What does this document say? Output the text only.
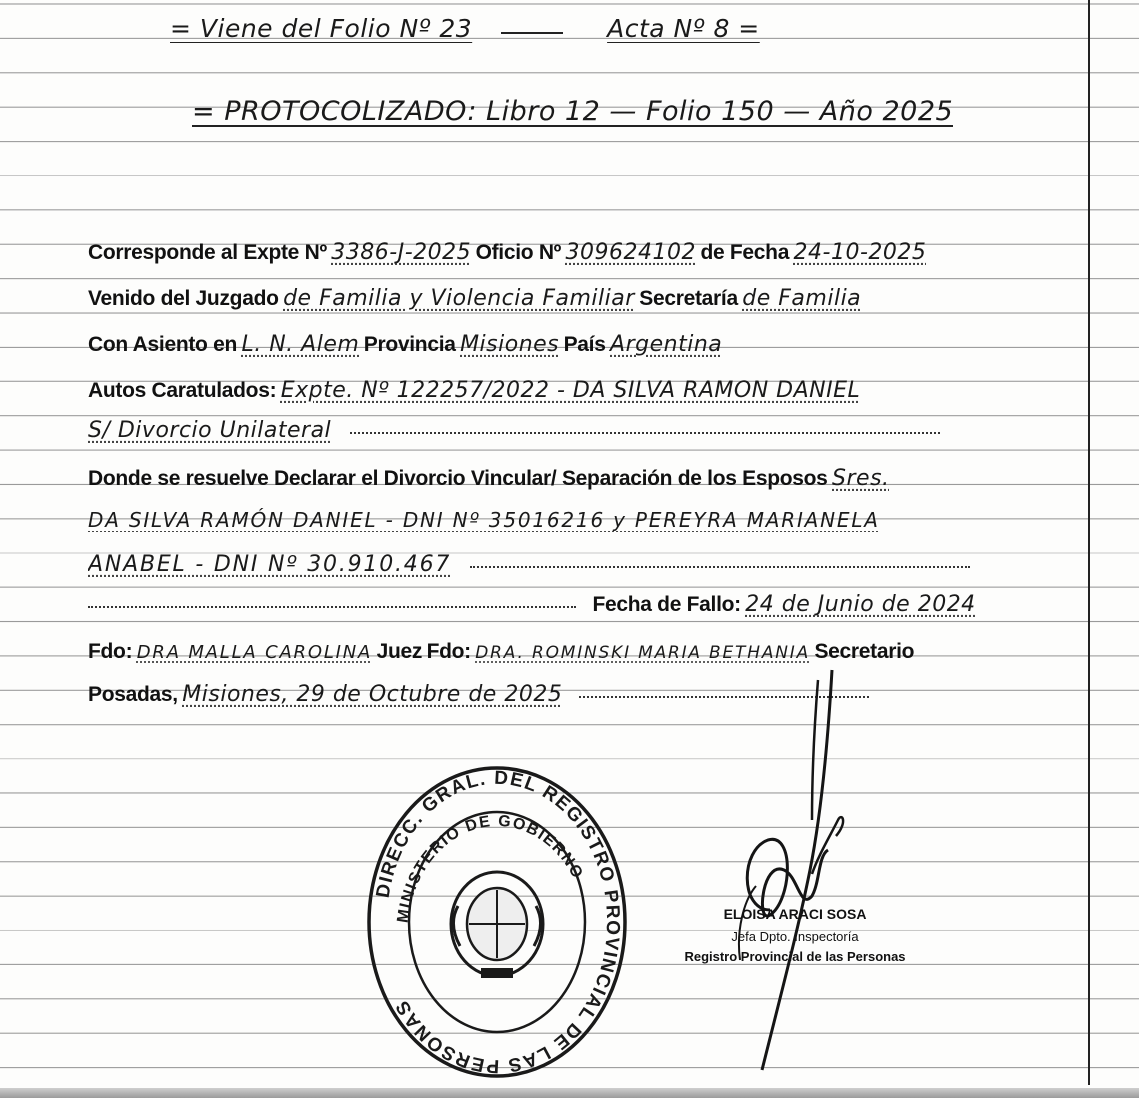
= Viene del Folio Nº 23	Acta Nº 8 =
= PROTOCOLIZADO: Libro 12 — Folio 150 — Año 2025
Corresponde al Expte Nº 3386-J-2025 Oficio Nº 309624102 de Fecha 24-10-2025
Venido del Juzgado de Familia y Violencia Familiar Secretaría de Familia
Con Asiento en L. N. Alem Provincia Misiones País Argentina
Autos Caratulados: Expte. Nº 122257/2022 - DA SILVA RAMON DANIEL
S/ Divorcio Unilateral
Donde se resuelve Declarar el Divorcio Vincular/ Separación de los Esposos Sres.
DA SILVA RAMÓN DANIEL - DNI Nº 35016216 y PEREYRA MARIANELA
ANABEL - DNI Nº 30.910.467
Fecha de Fallo: 24 de Junio de 2024
Fdo: DRA MALLA CAROLINA Juez Fdo: DRA. ROMINSKI MARIA BETHANIA Secretario
Posadas, Misiones, 29 de Octubre de 2025
DIRECC. GRAL. DEL REGISTRO PROVINCIAL DE LAS PERSONAS
MINISTERIO DE GOBIERNO
ELOISA ARACI SOSA
Jefa Dpto. Inspectoría
Registro Provincial de las Personas
